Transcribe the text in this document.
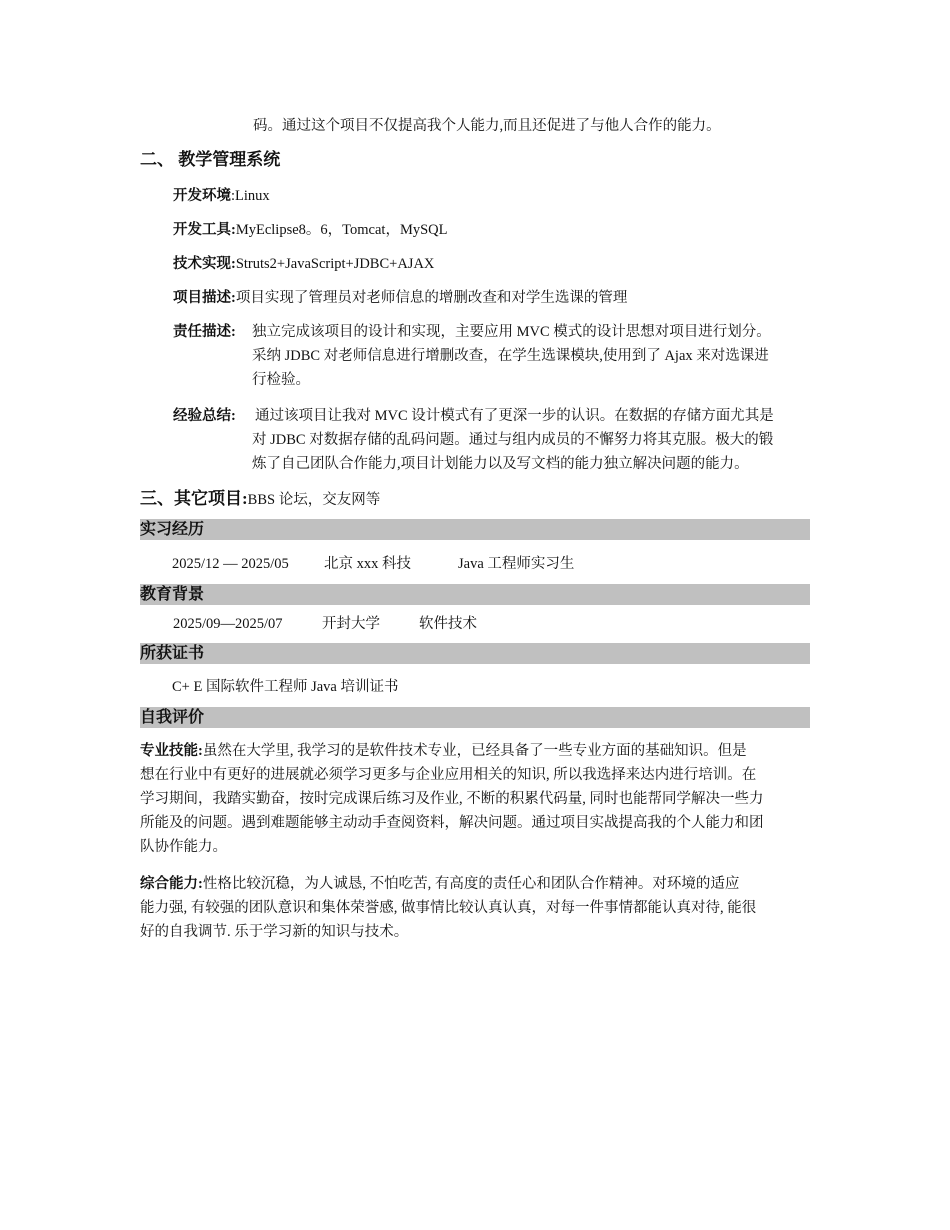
码。通过这个项目不仅提高我个人能力,而且还促进了与他人合作的能力。
二、 教学管理系统
开发环境:Linux
开发工具:MyEclipse8。6，Tomcat，MySQL
技术实现:Struts2+JavaScript+JDBC+AJAX
项目描述:项目实现了管理员对老师信息的增删改查和对学生选课的管理
责任描述: 独立完成该项目的设计和实现，主要应用 MVC 模式的设计思想对项目进行划分。
采纳 JDBC 对老师信息进行增删改查，在学生选课模块,使用到了 Ajax 来对选课进
行检验。
经验总结: 通过该项目让我对 MVC 设计模式有了更深一步的认识。在数据的存储方面尤其是
对 JDBC 对数据存储的乱码问题。通过与组内成员的不懈努力将其克服。极大的锻
炼了自己团队合作能力,项目计划能力以及写文档的能力独立解决问题的能力。
三、其它项目:BBS 论坛，交友网等
实习经历
2025/12 — 2025/05 北京 xxx 科技	Java 工程师实习生
教育背景
2025/09—2025/07	开封大学	软件技术
所获证书
C+ E 国际软件工程师 Java 培训证书
自我评价
专业技能:虽然在大学里, 我学习的是软件技术专业，已经具备了一些专业方面的基础知识。但是
想在行业中有更好的进展就必须学习更多与企业应用相关的知识, 所以我选择来达内进行培训。在
学习期间，我踏实勤奋，按时完成课后练习及作业, 不断的积累代码量, 同时也能帮同学解决一些力
所能及的问题。遇到难题能够主动动手查阅资料，解决问题。通过项目实战提高我的个人能力和团
队协作能力。
综合能力:性格比较沉稳，为人诚恳, 不怕吃苦, 有高度的责任心和团队合作精神。对环境的适应
能力强, 有较强的团队意识和集体荣誉感, 做事情比较认真认真，对每一件事情都能认真对待, 能很
好的自我调节. 乐于学习新的知识与技术。
